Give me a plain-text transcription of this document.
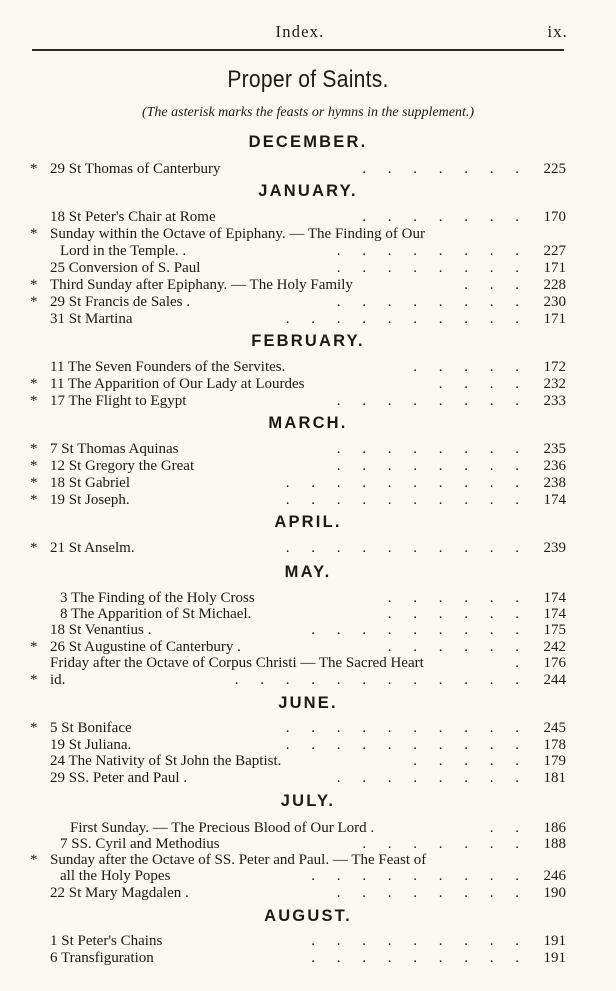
Index.	ix.
Proper of Saints.
(The asterisk marks the feasts or hymns in the supplement.)
DECEMBER.
* 29 St Thomas of Canterbury	. . . . . . .	225
JANUARY.
18 St Peter's Chair at Rome	. . . . . . .	170
* Sunday within the Octave of Epiphany. — The Finding of Our
Lord in the Temple. .	. . . . . . . .	227
25 Conversion of S. Paul	. . . . . . . .	171
* Third Sunday after Epiphany. — The Holy Family	. . .	228
* 29 St Francis de Sales .	. . . . . . . .	230
31 St Martina	. . . . . . . . . .	171
FEBRUARY.
11 The Seven Founders of the Servites.	. . . . .	172
* 11 The Apparition of Our Lady at Lourdes	. . . .	232
* 17 The Flight to Egypt	. . . . . . . .	233
MARCH.
* 7 St Thomas Aquinas	. . . . . . . .	235
* 12 St Gregory the Great	. . . . . . . .	236
* 18 St Gabriel	. . . . . . . . . .	238
* 19 St Joseph.	. . . . . . . . . .	174
APRIL.
* 21 St Anselm.	. . . . . . . . . .	239
MAY.
3 The Finding of the Holy Cross	. . . . . .	174
8 The Apparition of St Michael.	. . . . . .	174
18 St Venantius .	. . . . . . . . .	175
* 26 St Augustine of Canterbury .	. . . . . .	242
Friday after the Octave of Corpus Christi — The Sacred Heart	.	176
* id.	. . . . . . . . . . . .	244
JUNE.
* 5 St Boniface	. . . . . . . . . .	245
19 St Juliana.	. . . . . . . . . .	178
24 The Nativity of St John the Baptist.	. . . . .	179
29 SS. Peter and Paul .	. . . . . . . .	181
JULY.
First Sunday. — The Precious Blood of Our Lord .	. .	186
7 SS. Cyril and Methodius	. . . . . . .	188
* Sunday after the Octave of SS. Peter and Paul. — The Feast of
all the Holy Popes	. . . . . . . . .	246
22 St Mary Magdalen .	. . . . . . . .	190
AUGUST.
1 St Peter's Chains	. . . . . . . . .	191
6 Transfiguration	. . . . . . . . .	191
